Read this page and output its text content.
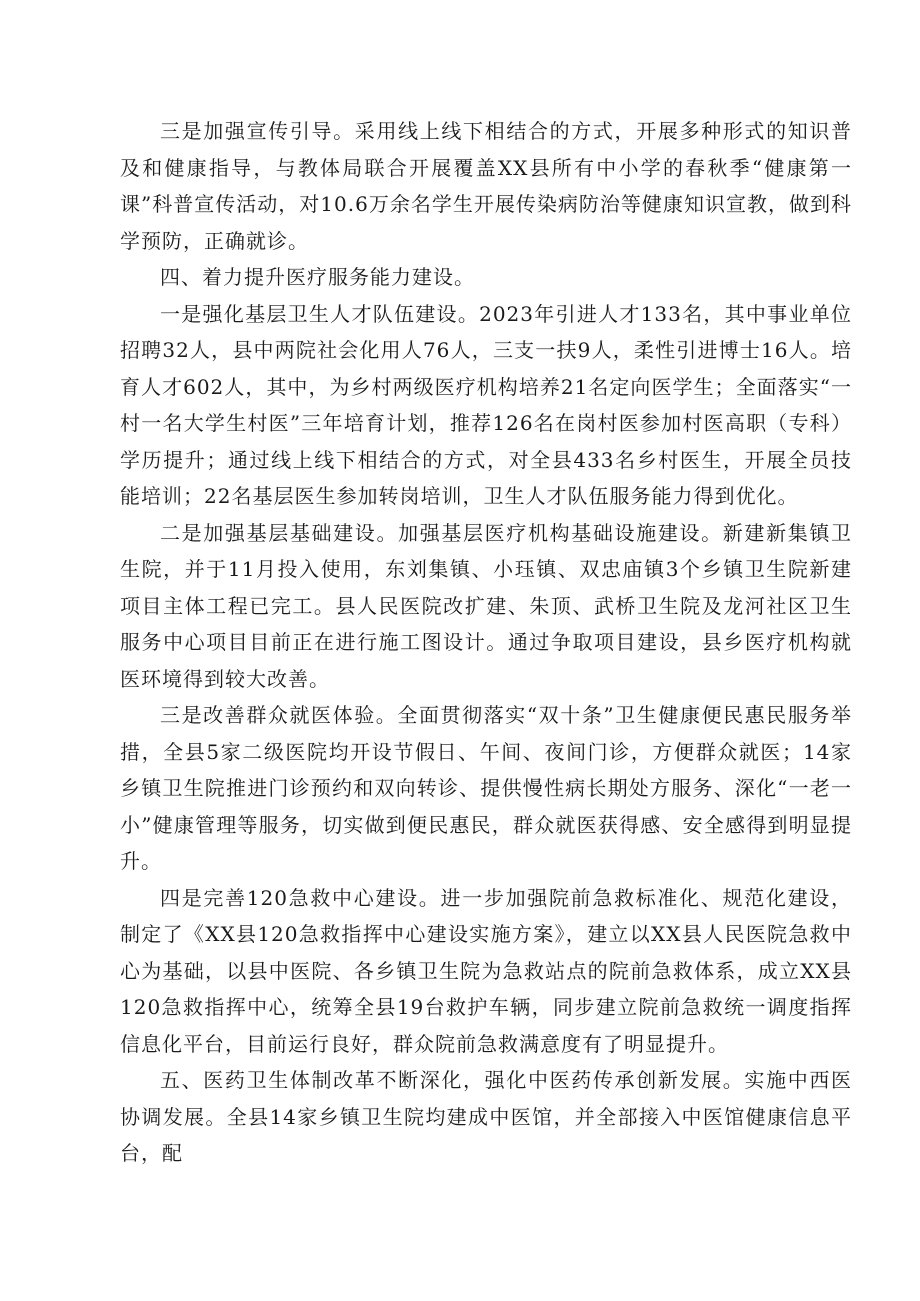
三是加强宣传引导。采用线上线下相结合的方式，开展多种形式的知识普及和健康指导，与教体局联合开展覆盖XX县所有中小学的春秋季“健康第一课”科普宣传活动，对10.6万余名学生开展传染病防治等健康知识宣教，做到科学预防，正确就诊。

四、着力提升医疗服务能力建设。

一是强化基层卫生人才队伍建设。2023年引进人才133名，其中事业单位招聘32人，县中两院社会化用人76人，三支一扶9人，柔性引进博士16人。培育人才602人，其中，为乡村两级医疗机构培养21名定向医学生；全面落实“一村一名大学生村医”三年培育计划，推荐126名在岗村医参加村医高职（专科）学历提升；通过线上线下相结合的方式，对全县433名乡村医生，开展全员技能培训；22名基层医生参加转岗培训，卫生人才队伍服务能力得到优化。

二是加强基层基础建设。加强基层医疗机构基础设施建设。新建新集镇卫生院，并于11月投入使用，东刘集镇、小珏镇、双忠庙镇3个乡镇卫生院新建项目主体工程已完工。县人民医院改扩建、朱顶、武桥卫生院及龙河社区卫生服务中心项目目前正在进行施工图设计。通过争取项目建设，县乡医疗机构就医环境得到较大改善。

三是改善群众就医体验。全面贯彻落实“双十条”卫生健康便民惠民服务举措，全县5家二级医院均开设节假日、午间、夜间门诊，方便群众就医；14家乡镇卫生院推进门诊预约和双向转诊、提供慢性病长期处方服务、深化“一老一小”健康管理等服务，切实做到便民惠民，群众就医获得感、安全感得到明显提升。

四是完善120急救中心建设。进一步加强院前急救标准化、规范化建设，制定了《XX县120急救指挥中心建设实施方案》，建立以XX县人民医院急救中心为基础，以县中医院、各乡镇卫生院为急救站点的院前急救体系，成立XX县120急救指挥中心，统筹全县19台救护车辆，同步建立院前急救统一调度指挥信息化平台，目前运行良好，群众院前急救满意度有了明显提升。

五、医药卫生体制改革不断深化，强化中医药传承创新发展。实施中西医协调发展。全县14家乡镇卫生院均建成中医馆，并全部接入中医馆健康信息平台，配
